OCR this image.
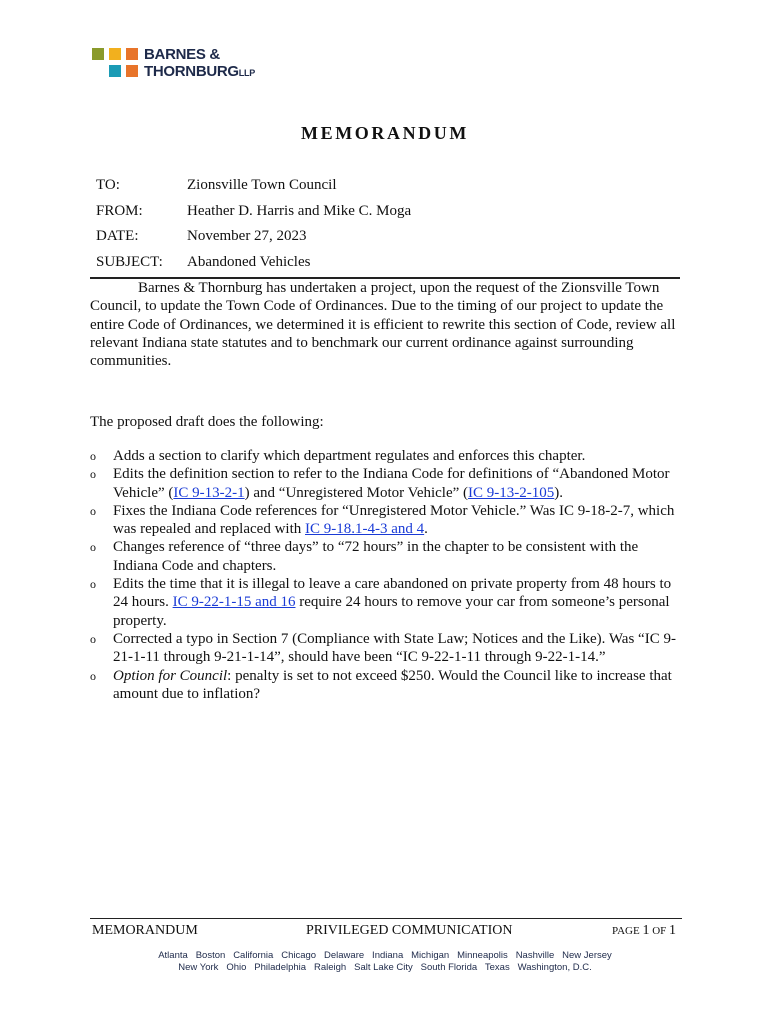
BARNES &
THORNBURGLLP
MEMORANDUM
TO:	Zionsville Town Council
FROM:	Heather D. Harris and Mike C. Moga
DATE:	November 27, 2023
SUBJECT: Abandoned Vehicles
Barnes & Thornburg has undertaken a project, upon the request of the Zionsville Town Council, to update the Town Code of Ordinances. Due to the timing of our project to update the entire Code of Ordinances, we determined it is efficient to rewrite this section of Code, review all relevant Indiana state statutes and to benchmark our current ordinance against surrounding communities.
The proposed draft does the following:
o Adds a section to clarify which department regulates and enforces this chapter.
o Edits the definition section to refer to the Indiana Code for definitions of “Abandoned Motor Vehicle” (IC 9-13-2-1) and “Unregistered Motor Vehicle” (IC 9-13-2-105).
o Fixes the Indiana Code references for “Unregistered Motor Vehicle.” Was IC 9-18-2-7, which was repealed and replaced with IC 9-18.1-4-3 and 4.
o Changes reference of “three days” to “72 hours” in the chapter to be consistent with the Indiana Code and chapters.
o Edits the time that it is illegal to leave a care abandoned on private property from 48 hours to 24 hours. IC 9-22-1-15 and 16 require 24 hours to remove your car from someone’s personal property.
o Corrected a typo in Section 7 (Compliance with State Law; Notices and the Like). Was “IC 9-21-1-11 through 9-21-1-14”, should have been “IC 9-22-1-11 through 9-22-1-14.”
o Option for Council: penalty is set to not exceed $250. Would the Council like to increase that amount due to inflation?
MEMORANDUM	PRIVILEGED COMMUNICATION	PAGE 1 OF 1
Atlanta   Boston   California   Chicago   Delaware   Indiana   Michigan   Minneapolis   Nashville   New Jersey
New York   Ohio   Philadelphia   Raleigh   Salt Lake City   South Florida   Texas   Washington, D.C.
